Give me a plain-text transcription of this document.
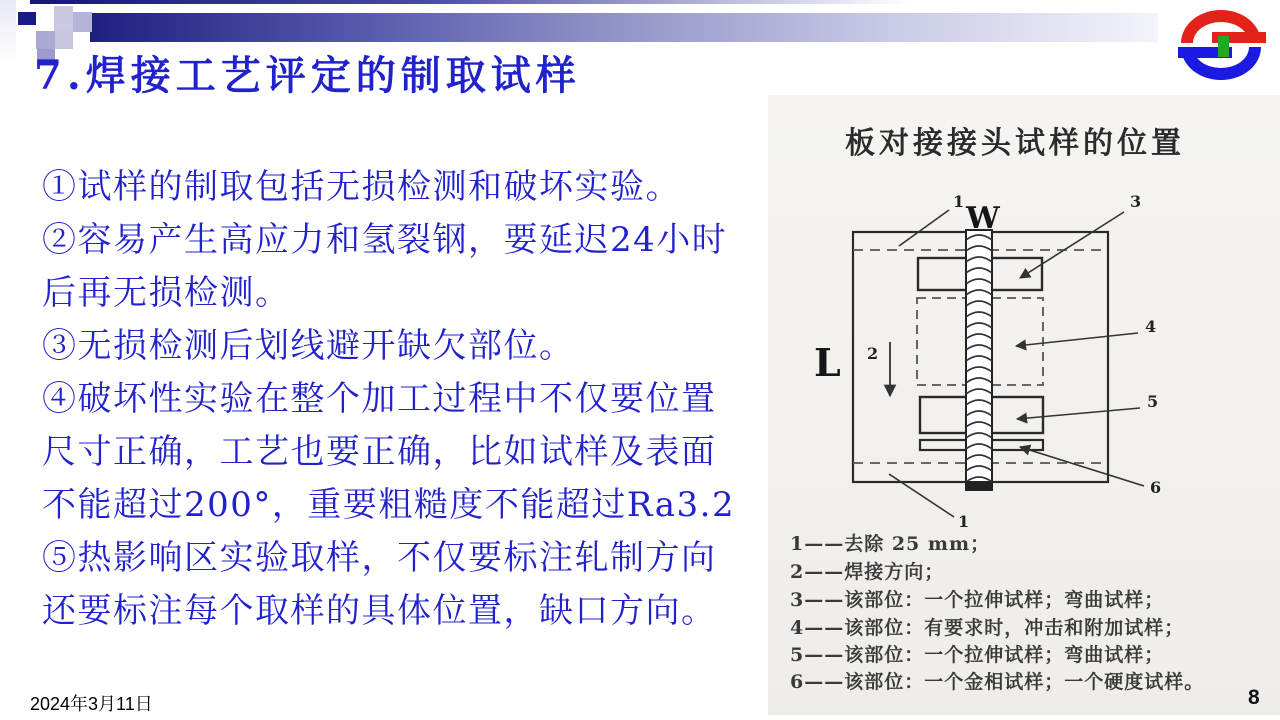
7.焊接工艺评定的制取试样
①试样的制取包括无损检测和破坏实验。
②容易产生高应力和氢裂钢，要延迟24小时
后再无损检测。
③无损检测后划线避开缺欠部位。
④破坏性实验在整个加工过程中不仅要位置
尺寸正确，工艺也要正确，比如试样及表面
不能超过200°，重要粗糙度不能超过Ra3.2
⑤热影响区实验取样，不仅要标注轧制方向
还要标注每个取样的具体位置，缺口方向。
板对接接头试样的位置
W
L 2
1	3
4
5
6
1
1——去除 25 mm；
2——焊接方向；
3——该部位：一个拉伸试样；弯曲试样；
4——该部位：有要求时，冲击和附加试样；
5——该部位：一个拉伸试样；弯曲试样；
6——该部位：一个金相试样；一个硬度试样。
2024年3月11日	8
